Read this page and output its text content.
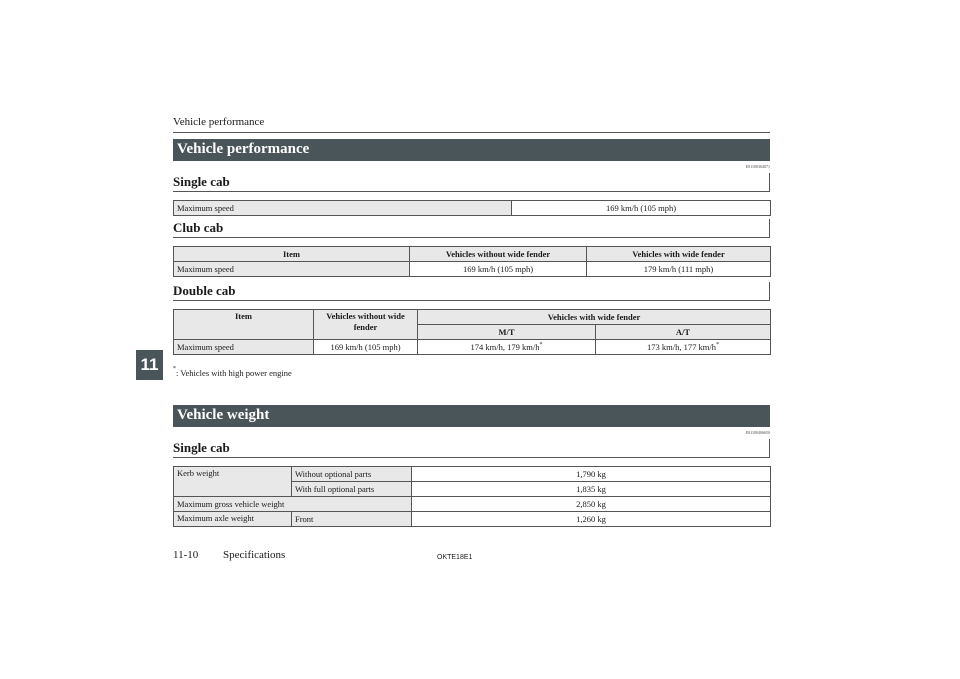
Vehicle performance
11
Vehicle performance
E01100304071
Single cab
Maximum speed	169 km/h (105 mph)
Club cab
Item	Vehicles without wide fender	Vehicles with wide fender
Maximum speed	169 km/h (105 mph)	179 km/h (111 mph)
Double cab
Item	Vehicles without wide fender	Vehicles with wide fender	
		M/T	A/T
Maximum speed	169 km/h (105 mph)	174 km/h, 179 km/h*	173 km/h, 177 km/h*
*: Vehicles with high power engine
Vehicle weight
E01100406650
Single cab
Kerb weight	Without optional parts	1,790 kg
	With full optional parts	1,835 kg
Maximum gross vehicle weight		2,850 kg
Maximum axle weight	Front	1,260 kg
11-10 Specifications	OKTE18E1
